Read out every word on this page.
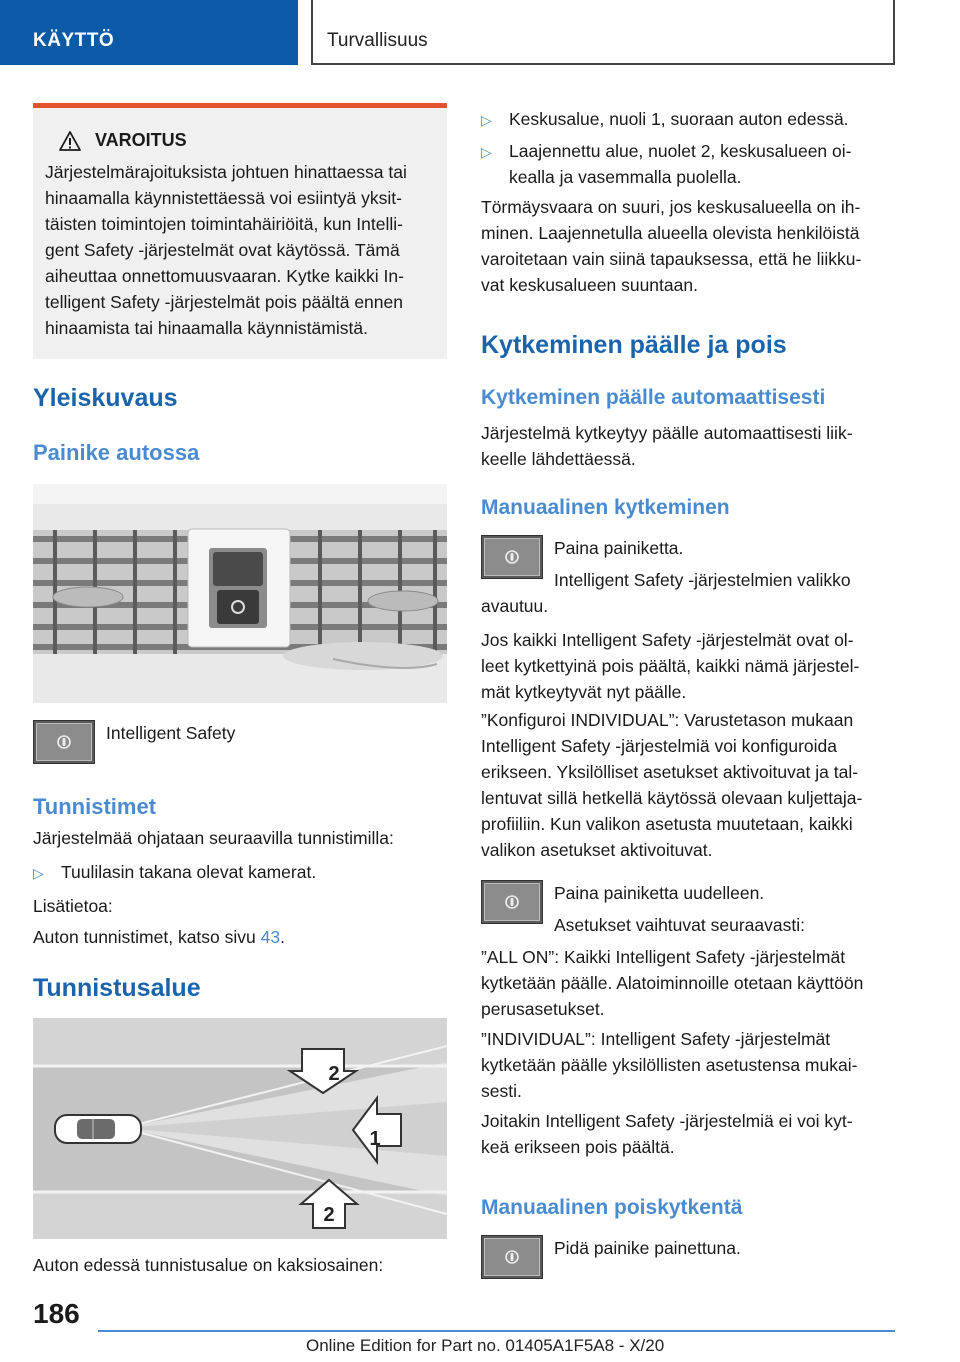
KÄYTTÖ	Turvallisuus
VAROITUS
Järjestelmärajoituksista johtuen hinattaessa tai
hinaamalla käynnistettäessä voi esiintyä yksit-
täisten toimintojen toimintahäiriöitä, kun Intelli-
gent Safety -järjestelmät ovat käytössä. Tämä
aiheuttaa onnettomuusvaaran. Kytke kaikki In-
telligent Safety -järjestelmät pois päältä ennen
hinaamista tai hinaamalla käynnistämistä.
Yleiskuvaus
Painike autossa
Intelligent Safety
Tunnistimet
Järjestelmää ohjataan seuraavilla tunnistimilla:
▷ Tuulilasin takana olevat kamerat.
Lisätietoa:
Auton tunnistimet, katso sivu 43.
Tunnistusalue
2
1
2
Auton edessä tunnistusalue on kaksiosainen:
▷ Keskusalue, nuoli 1, suoraan auton edessä.
▷ Laajennettu alue, nuolet 2, keskusalueen oi-
kealla ja vasemmalla puolella.
Törmäysvaara on suuri, jos keskusalueella on ih-
minen. Laajennetulla alueella olevista henkilöistä
varoitetaan vain siinä tapauksessa, että he liikku-
vat keskusalueen suuntaan.
Kytkeminen päälle ja pois
Kytkeminen päälle automaattisesti
Järjestelmä kytkeytyy päälle automaattisesti liik-
keelle lähdettäessä.
Manuaalinen kytkeminen
Paina painiketta.
Intelligent Safety -järjestelmien valikko
avautuu.
Jos kaikki Intelligent Safety -järjestelmät ovat ol-
leet kytkettyinä pois päältä, kaikki nämä järjestel-
mät kytkeytyvät nyt päälle.
”Konfiguroi INDIVIDUAL”: Varustetason mukaan
Intelligent Safety -järjestelmiä voi konfiguroida
erikseen. Yksilölliset asetukset aktivoituvat ja tal-
lentuvat sillä hetkellä käytössä olevaan kuljettaja-
profiiliin. Kun valikon asetusta muutetaan, kaikki
valikon asetukset aktivoituvat.
Paina painiketta uudelleen.
Asetukset vaihtuvat seuraavasti:
”ALL ON”: Kaikki Intelligent Safety -järjestelmät
kytketään päälle. Alatoiminnoille otetaan käyttöön
perusasetukset.
”INDIVIDUAL”: Intelligent Safety -järjestelmät
kytketään päälle yksilöllisten asetustensa mukai-
sesti.
Joitakin Intelligent Safety -järjestelmiä ei voi kyt-
keä erikseen pois päältä.
Manuaalinen poiskytkentä
Pidä painike painettuna.
186
Online Edition for Part no. 01405A1F5A8 - X/20
